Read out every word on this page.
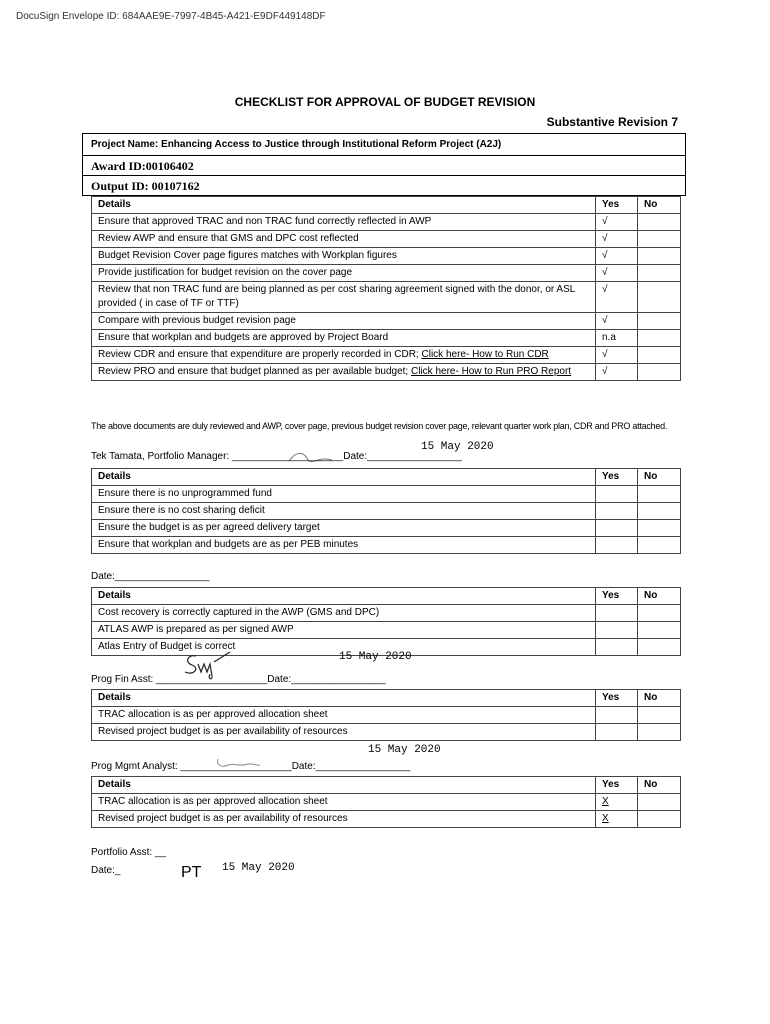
DocuSign Envelope ID: 684AAE9E-7997-4B45-A421-E9DF449148DF
CHECKLIST FOR APPROVAL OF BUDGET REVISION
Substantive Revision 7
Project Name: Enhancing Access to Justice through Institutional Reform Project (A2J)
Award ID:00106402
Output ID: 00107162
Details	Yes	No
Ensure that approved TRAC and non TRAC fund correctly reflected in AWP	√	
Review AWP and ensure that GMS and DPC cost reflected	√	
Budget Revision Cover page figures matches with Workplan figures	√	
Provide justification for budget revision on the cover page	√	
Review that non TRAC fund are being planned as per cost sharing agreement signed with the donor, or ASL provided ( in case of TF or TTF)	√	
Compare with previous budget revision page	√	
Ensure that workplan and budgets are approved by Project Board	n.a	
Review CDR and ensure that expenditure are properly recorded in CDR; Click here- How to Run CDR	√	
Review PRO and ensure that budget planned as per available budget; Click here- How to Run PRO Report	√	
The above documents are duly reviewed and AWP, cover page, previous budget revision cover page, relevant quarter work plan, CDR and PRO attached.
15 May 2020
Tek Tamata, Portfolio Manager: ____________________Date:_________________
Details	Yes	No
Ensure there is no unprogrammed fund		
Ensure there is no cost sharing deficit		
Ensure the budget is as per agreed delivery target		
Ensure that workplan and budgets are as per PEB minutes		
Date:_________________
Details	Yes	No
Cost recovery is correctly captured in the AWP (GMS and DPC)		
ATLAS AWP is prepared as per signed AWP		
Atlas Entry of Budget is correct		
15 May 2020
Prog Fin Asst: ____________________Date:_________________
Details	Yes	No
TRAC allocation is as per approved allocation sheet		
Revised project budget is as per availability of resources		
15 May 2020
Prog Mgmt Analyst: ____________________Date:_________________
Details	Yes	No
TRAC allocation is as per approved allocation sheet	X	
Revised project budget is as per availability of resources	X	
Portfolio Asst: __
Date:_	PT 15 May 2020
